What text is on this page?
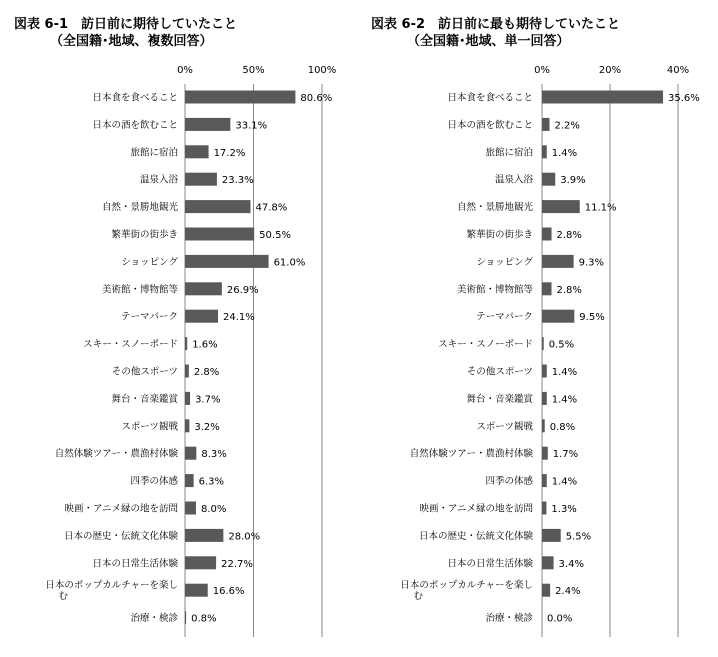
図表 6-1　訪日前に期待していたこと
（全国籍･地域、複数回答）
図表 6-2　訪日前に最も期待していたこと
（全国籍･地域、単一回答）
0%	50%	100%
日本食を食べること	80.6%
日本の酒を飲むこと	33.1%
旅館に宿泊	17.2%
温泉入浴	23.3%
自然・景勝地観光	47.8%
繁華街の街歩き	50.5%
ショッピング	61.0%
美術館・博物館等	26.9%
テーマパーク	24.1%
スキー・スノーボード 1.6%
その他スポーツ 2.8%
舞台・音楽鑑賞 3.7%
スポーツ観戦 3.2%
自然体験ツアー・農漁村体験 8.3%
四季の体感 6.3%
映画・アニメ縁の地を訪問 8.0%
日本の歴史・伝統文化体験	28.0%
日本の日常生活体験	22.7%
日本のポップカルチャーを楽しむ	16.6%
治療・検診 0.8%
0%	20%	40%
日本食を食べること	35.6%
日本の酒を飲むこと 2.2%
旅館に宿泊 1.4%
温泉入浴	3.9%
自然・景勝地観光	11.1%
繁華街の街歩き 2.8%
ショッピング	9.3%
美術館・博物館等 2.8%
テーマパーク	9.5%
スキー・スノーボード 0.5%
その他スポーツ 1.4%
舞台・音楽鑑賞 1.4%
スポーツ観戦 0.8%
自然体験ツアー・農漁村体験 1.7%
四季の体感 1.4%
映画・アニメ縁の地を訪問 1.3%
日本の歴史・伝統文化体験	5.5%
日本の日常生活体験	3.4%
日本のポップカルチャーを楽しむ	2.4%
治療・検診 0.0%
